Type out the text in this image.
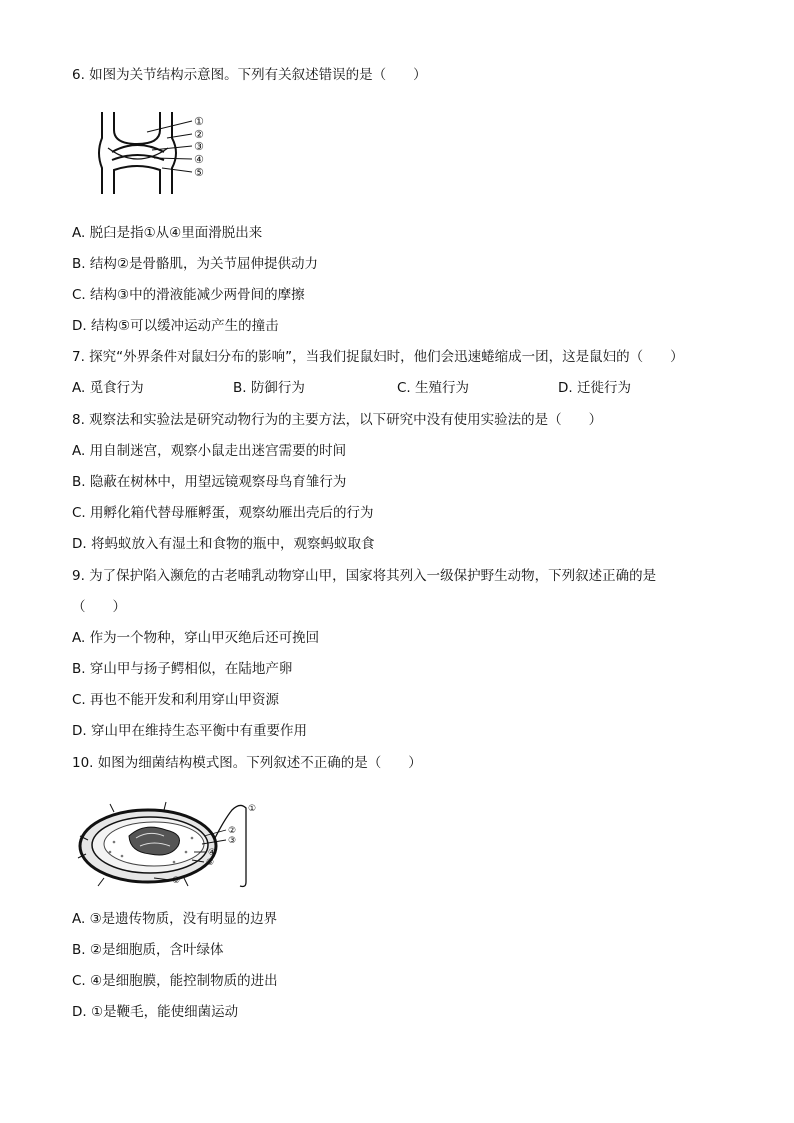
6. 如图为关节结构示意图。下列有关叙述错误的是（　　）
①
②
③
④
⑤
A. 脱臼是指①从④里面滑脱出来
B. 结构②是骨骼肌，为关节屈伸提供动力
C. 结构③中的滑液能减少两骨间的摩擦
D. 结构⑤可以缓冲运动产生的撞击
7. 探究“外界条件对鼠妇分布的影响”，当我们捉鼠妇时，他们会迅速蜷缩成一团，这是鼠妇的（　　）
A. 觅食行为	B. 防御行为	C. 生殖行为	D. 迁徙行为
8. 观察法和实验法是研究动物行为的主要方法，以下研究中没有使用实验法的是（　　）
A. 用自制迷宫，观察小鼠走出迷宫需要的时间
B. 隐蔽在树林中，用望远镜观察母鸟育雏行为
C. 用孵化箱代替母雁孵蛋，观察幼雁出壳后的行为
D. 将蚂蚁放入有湿土和食物的瓶中，观察蚂蚁取食
9. 为了保护陷入濒危的古老哺乳动物穿山甲，国家将其列入一级保护野生动物，下列叙述正确的是
（　　）
A. 作为一个物种，穿山甲灭绝后还可挽回
B. 穿山甲与扬子鳄相似，在陆地产卵
C. 再也不能开发和利用穿山甲资源
D. 穿山甲在维持生态平衡中有重要作用
10. 如图为细菌结构模式图。下列叙述不正确的是（　　）
①
②
③
④
⑤
⑥
A. ③是遗传物质，没有明显的边界
B. ②是细胞质，含叶绿体
C. ④是细胞膜，能控制物质的进出
D. ①是鞭毛，能使细菌运动
